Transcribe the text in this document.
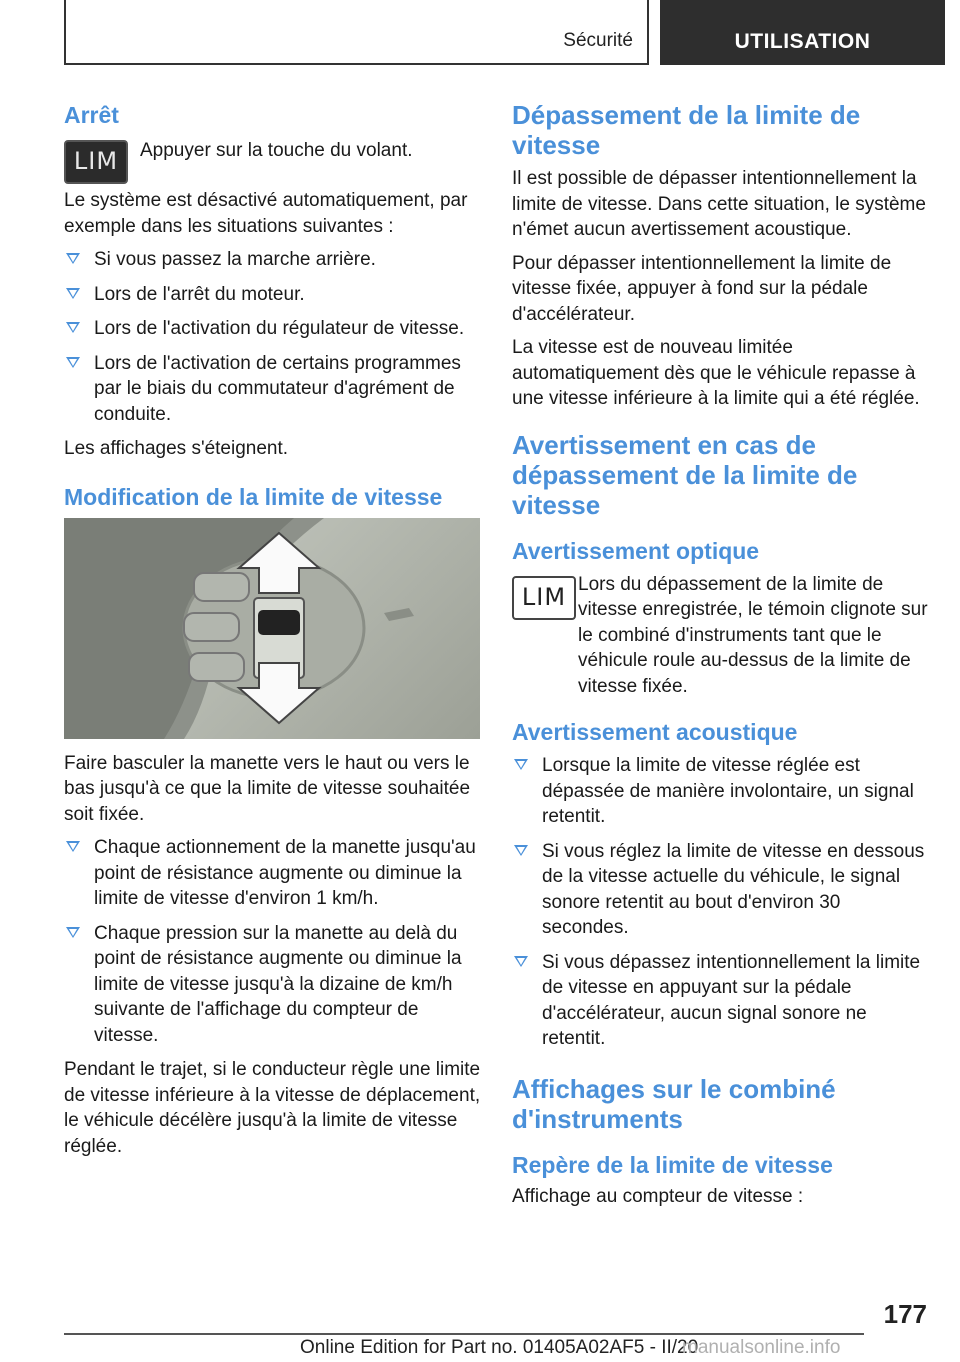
Sécurité	UTILISATION
Arrêt
LIM	Appuyer sur la touche du volant.

Le système est désactivé automatiquement, par exemple dans les situations suivantes :

Si vous passez la marche arrière.
Lors de l'arrêt du moteur.
Lors de l'activation du régulateur de vitesse.
Lors de l'activation de certains programmes par le biais du commutateur d'agrément de conduite.

Les affichages s'éteignent.

Modification de la limite de vitesse

Faire basculer la manette vers le haut ou vers le bas jusqu'à ce que la limite de vitesse souhaitée soit fixée.

Chaque actionnement de la manette jusqu'au point de résistance augmente ou diminue la limite de vitesse d'environ 1 km/h.
Chaque pression sur la manette au delà du point de résistance augmente ou diminue la limite de vitesse jusqu'à la dizaine de km/h suivante de l'affichage du compteur de vitesse.

Pendant le trajet, si le conducteur règle une limite de vitesse inférieure à la vitesse de déplacement, le véhicule décélère jusqu'à la limite de vitesse réglée.

Dépassement de la limite de vitesse

Il est possible de dépasser intentionnellement la limite de vitesse. Dans cette situation, le système n'émet aucun avertissement acoustique.

Pour dépasser intentionnellement la limite de vitesse fixée, appuyer à fond sur la pédale d'accélérateur.

La vitesse est de nouveau limitée automatiquement dès que le véhicule repasse à une vitesse inférieure à la limite qui a été réglée.

Avertissement en cas de dépassement de la limite de vitesse
Avertissement optique
LIM Lors du dépassement de la limite de vitesse enregistrée, le témoin clignote sur le combiné d'instruments tant que le véhicule roule au-dessus de la limite de vitesse fixée.

Avertissement acoustique
Lorsque la limite de vitesse réglée est dépassée de manière involontaire, un signal retentit.
Si vous réglez la limite de vitesse en dessous de la vitesse actuelle du véhicule, le signal sonore retentit au bout d'environ 30 secondes.
Si vous dépassez intentionnellement la limite de vitesse en appuyant sur la pédale d'accélérateur, aucun signal sonore ne retentit.
Affichages sur le combiné d'instruments
Repère de la limite de vitesse

Affichage au compteur de vitesse :

177
Online Edition for Part no. 01405A02AF5 - II/20
manualsonline.info
